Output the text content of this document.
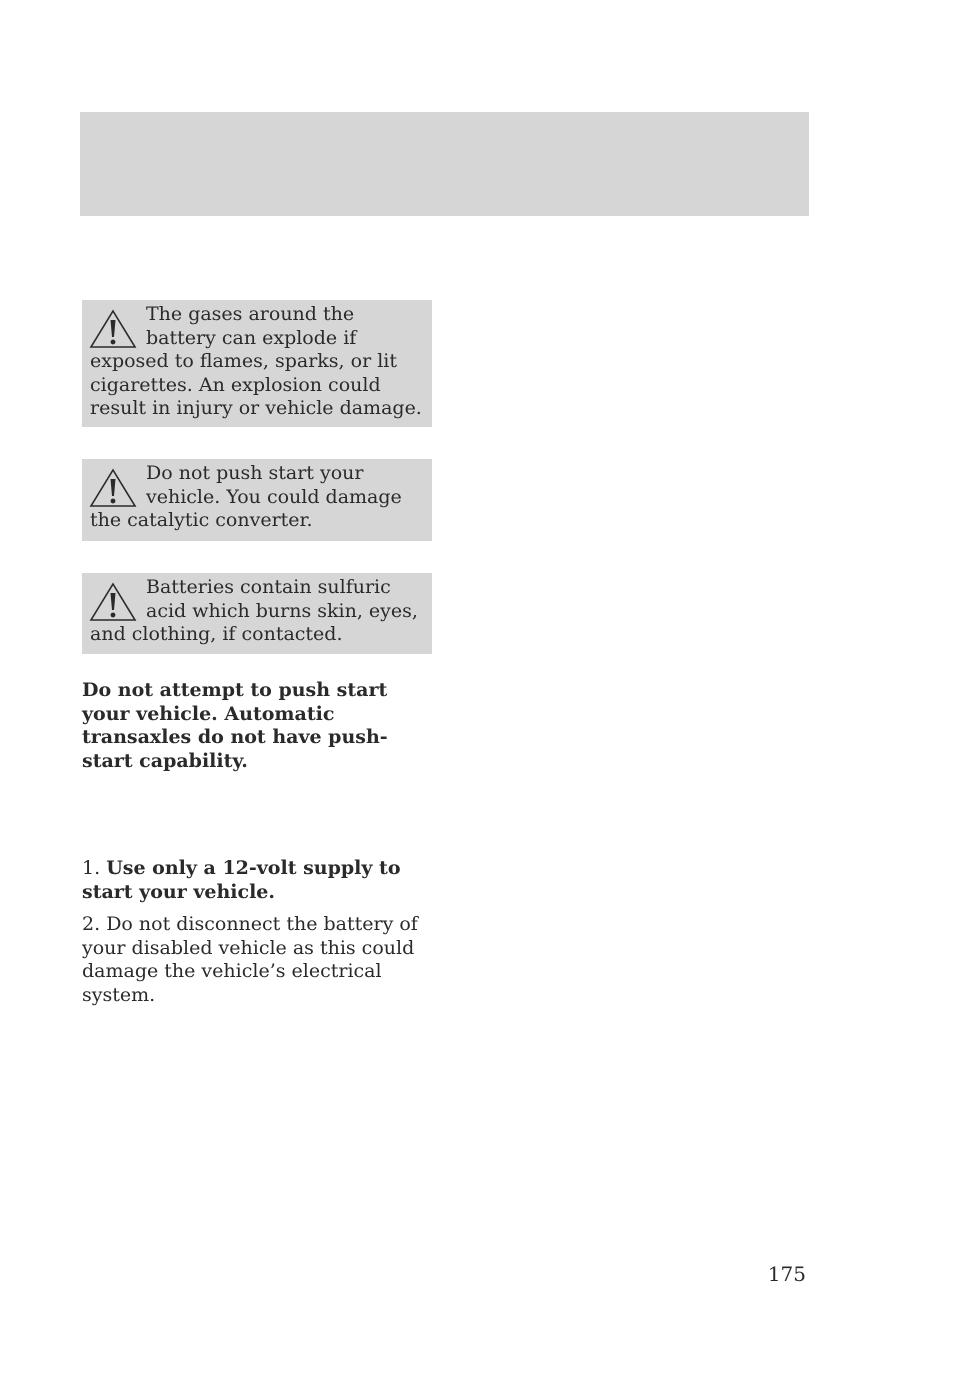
The gases around the battery can explode if exposed to flames, sparks, or lit cigarettes. An explosion could result in injury or vehicle damage.
Do not push start your vehicle. You could damage the catalytic converter.
Batteries contain sulfuric acid which burns skin, eyes, and clothing, if contacted.
Do not attempt to push start your vehicle. Automatic transaxles do not have push-start capability.
1. Use only a 12-volt supply to start your vehicle.
2. Do not disconnect the battery of your disabled vehicle as this could damage the vehicle’s electrical system.
175
